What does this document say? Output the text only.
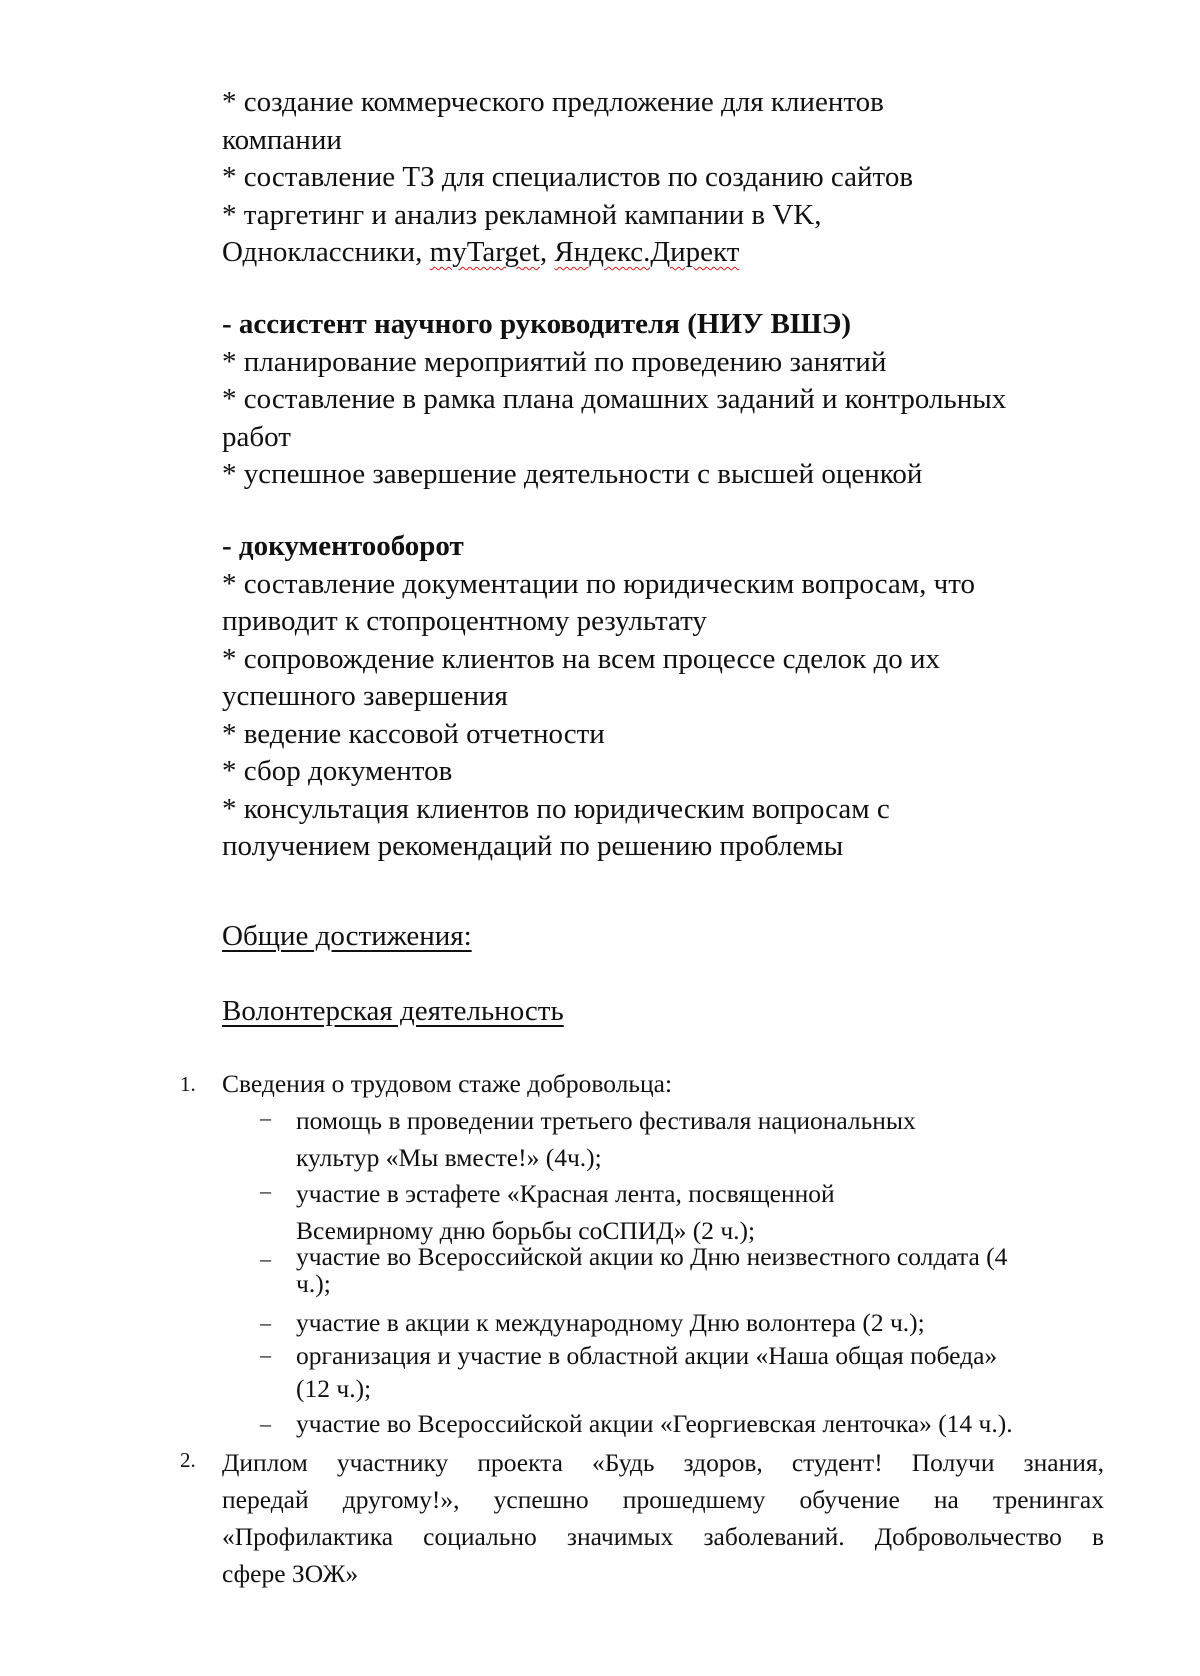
* создание коммерческого предложение для клиентов

компании

* составление ТЗ для специалистов по созданию сайтов

* таргетинг и анализ рекламной кампании в VK,

Одноклассники, myTarget, Яндекс.Директ

- ассистент научного руководителя (НИУ ВШЭ)

* планирование мероприятий по проведению занятий

* составление в рамка плана домашних заданий и контрольных

работ

* успешное завершение деятельности с высшей оценкой

- документооборот

* составление документации по юридическим вопросам, что

приводит к стопроцентному результату

* сопровождение клиентов на всем процессе сделок до их

успешного завершения

* ведение кассовой отчетности

* сбор документов

* консультация клиентов по юридическим вопросам с

получением рекомендаций по решению проблемы

Общие достижения:

Волонтерская деятельность

1.	Сведения о трудовом стаже добровольца:
– помощь в проведении третьего фестиваля национальных
культур «Мы вместе!» (4ч.);
– участие в эстафете «Красная лента, посвященной
Всемирному дню борьбы соСПИД» (2 ч.);
– участие во Всероссийской акции ко Дню неизвестного солдата (4
ч.);
– участие в акции к международному Дню волонтера (2 ч.);
– организация и участие в областной акции «Наша общая победа»
(12 ч.);
– участие во Всероссийской акции «Георгиевская ленточка» (14 ч.).
2.	Диплом участнику проекта «Будь здоров, студент! Получи знания,
передай другому!», успешно прошедшему обучение на тренингах
«Профилактика социально значимых заболеваний. Добровольчество в
сфере ЗОЖ»
